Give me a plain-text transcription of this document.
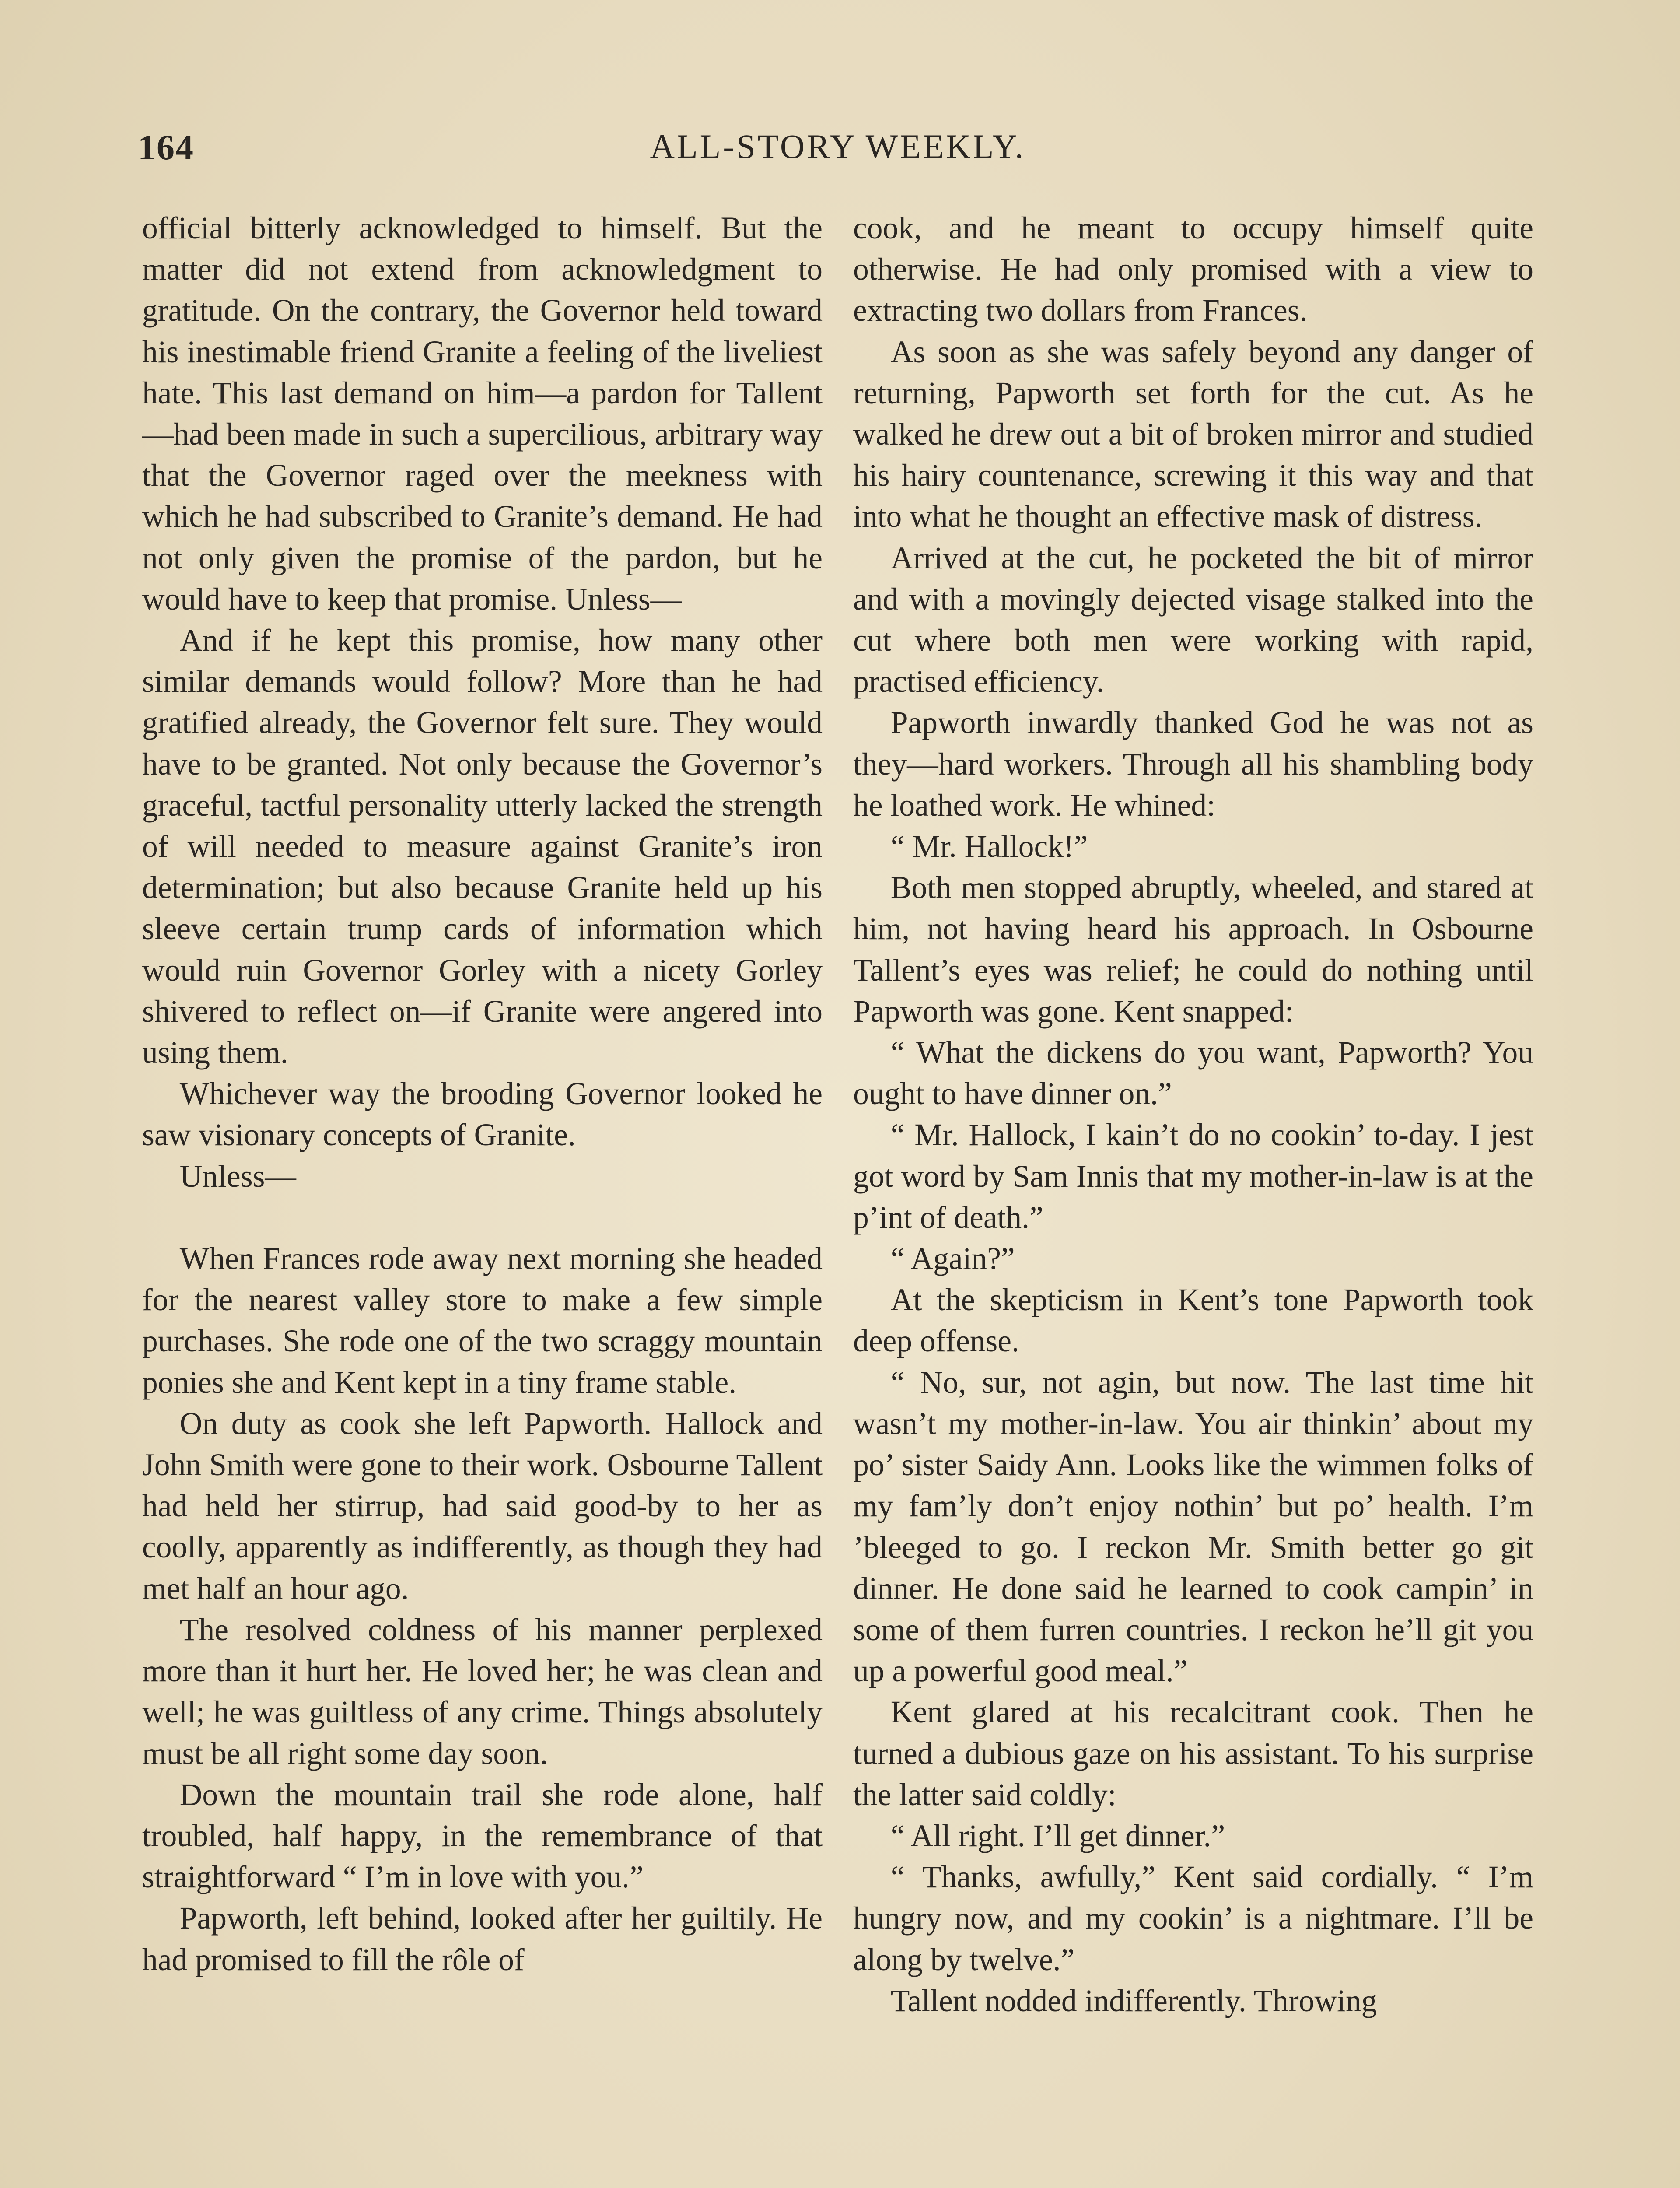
164	ALL-STORY WEEKLY.

official bitterly acknowledged to himself. But the matter did not extend from acknowledgment to gratitude. On the contrary, the Governor held toward his inestimable friend Granite a feeling of the liveliest hate. This last demand on him—a pardon for Tallent—had been made in such a supercilious, arbitrary way that the Governor raged over the meekness with which he had subscribed to Granite’s demand. He had not only given the promise of the pardon, but he would have to keep that promise. Unless—

And if he kept this promise, how many other similar demands would follow? More than he had gratified already, the Governor felt sure. They would have to be granted. Not only because the Governor’s graceful, tactful personality utterly lacked the strength of will needed to measure against Granite’s iron determination; but also because Granite held up his sleeve certain trump cards of information which would ruin Governor Gorley with a nicety Gorley shivered to reflect on—if Granite were angered into using them.

Whichever way the brooding Governor looked he saw visionary concepts of Granite.

Unless—

When Frances rode away next morning she headed for the nearest valley store to make a few simple purchases. She rode one of the two scraggy mountain ponies she and Kent kept in a tiny frame stable.

On duty as cook she left Papworth. Hallock and John Smith were gone to their work. Osbourne Tallent had held her stirrup, had said good-by to her as coolly, apparently as indifferently, as though they had met half an hour ago.

The resolved coldness of his manner perplexed more than it hurt her. He loved her; he was clean and well; he was guiltless of any crime. Things absolutely must be all right some day soon.

Down the mountain trail she rode alone, half troubled, half happy, in the remembrance of that straightforward “ I’m in love with you.”

Papworth, left behind, looked after her guiltily. He had promised to fill the rôle of

cook, and he meant to occupy himself quite otherwise. He had only promised with a view to extracting two dollars from Frances.

As soon as she was safely beyond any danger of returning, Papworth set forth for the cut. As he walked he drew out a bit of broken mirror and studied his hairy countenance, screwing it this way and that into what he thought an effective mask of distress.

Arrived at the cut, he pocketed the bit of mirror and with a movingly dejected visage stalked into the cut where both men were working with rapid, practised efficiency.

Papworth inwardly thanked God he was not as they—hard workers. Through all his shambling body he loathed work. He whined:

“ Mr. Hallock!”

Both men stopped abruptly, wheeled, and stared at him, not having heard his approach. In Osbourne Tallent’s eyes was relief; he could do nothing until Papworth was gone. Kent snapped:

“ What the dickens do you want, Papworth? You ought to have dinner on.”

“ Mr. Hallock, I kain’t do no cookin’ to-day. I jest got word by Sam Innis that my mother-in-law is at the p’int of death.”

“ Again?”

At the skepticism in Kent’s tone Papworth took deep offense.

“ No, sur, not agin, but now. The last time hit wasn’t my mother-in-law. You air thinkin’ about my po’ sister Saidy Ann. Looks like the wimmen folks of my fam’ly don’t enjoy nothin’ but po’ health. I’m ’bleeged to go. I reckon Mr. Smith better go git dinner. He done said he learned to cook campin’ in some of them furren countries. I reckon he’ll git you up a powerful good meal.”

Kent glared at his recalcitrant cook. Then he turned a dubious gaze on his assistant. To his surprise the latter said coldly:

“ All right. I’ll get dinner.”

“ Thanks, awfully,” Kent said cordially. “ I’m hungry now, and my cookin’ is a nightmare. I’ll be along by twelve.”

Tallent nodded indifferently. Throwing
